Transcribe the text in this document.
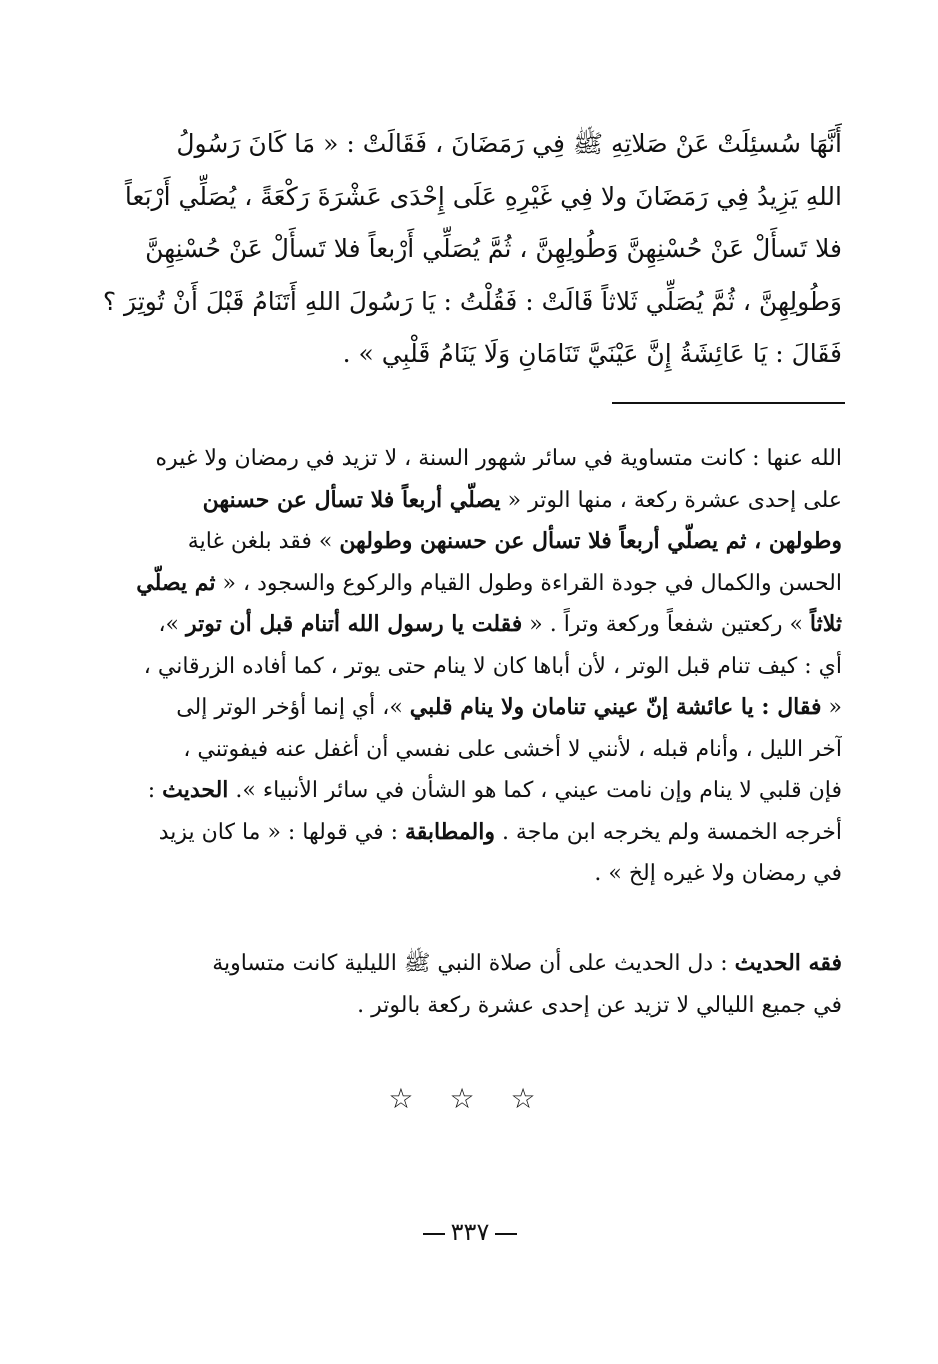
أَنَّهَا سُسئِلَتْ عَنْ صَلاتِهِ ﷺ فِي رَمَضَانَ ، فَقَالَتْ : « مَا كَانَ رَسُولُ
اللهِ يَزِيدُ فِي رَمَضَانَ ولا فِي غَيْرِهِ عَلَى إِحْدَى عَشْرَةَ رَكْعَةً ، يُصَلِّي أَرْبَعاً
فلا تَسأَلْ عَنْ حُسْنِهِنَّ وَطُولِهِنَّ ، ثُمَّ يُصَلِّي أَرْبعاً فلا تَسأَلْ عَنْ حُسْنِهِنَّ
وَطُولِهِنَّ ، ثُمَّ يُصَلِّي ثَلاثاً قَالَتْ : فَقُلْتُ : يَا رَسُولَ اللهِ أَتَنَامُ قَبْلَ أَنْ تُوتِرَ ؟
فَقَالَ : يَا عَائِشَةُ إِنَّ عَيْنَيَّ تَنَامَانِ وَلَا يَنَامُ قَلْبِي » .
الله عنها : كانت متساوية في سائر شهور السنة ، لا تزيد في رمضان ولا غيره
على إحدى عشرة ركعة ، منها الوتر « يصلّي أربعاً فلا تسأل عن حسنهن
وطولهن ، ثم يصلّي أربعاً فلا تسأل عن حسنهن وطولهن » فقد بلغن غاية
الحسن والكمال في جودة القراءة وطول القيام والركوع والسجود ، « ثم يصلّي
ثلاثاً » ركعتين شفعاً وركعة وتراً . « فقلت يا رسول الله أتنام قبل أن توتر »،
أي : كيف تنام قبل الوتر ، لأن أباها كان لا ينام حتى يوتر ، كما أفاده الزرقاني ،
« فقال : يا عائشة إنّ عيني تنامان ولا ينام قلبي »، أي إنما أؤخر الوتر إلى
آخر الليل ، وأنام قبله ، لأنني لا أخشى على نفسي أن أغفل عنه فيفوتني ،
فإن قلبي لا ينام وإن نامت عيني ، كما هو الشأن في سائر الأنبياء ». الحديث :
أخرجه الخمسة ولم يخرجه ابن ماجة . والمطابقة : في قولها : « ما كان يزيد
في رمضان ولا غيره إلخ » .
فقه الحديث : دل الحديث على أن صلاة النبي ﷺ الليلية كانت متساوية
في جميع الليالي لا تزيد عن إحدى عشرة ركعة بالوتر .
☆☆☆
٣٣٧
